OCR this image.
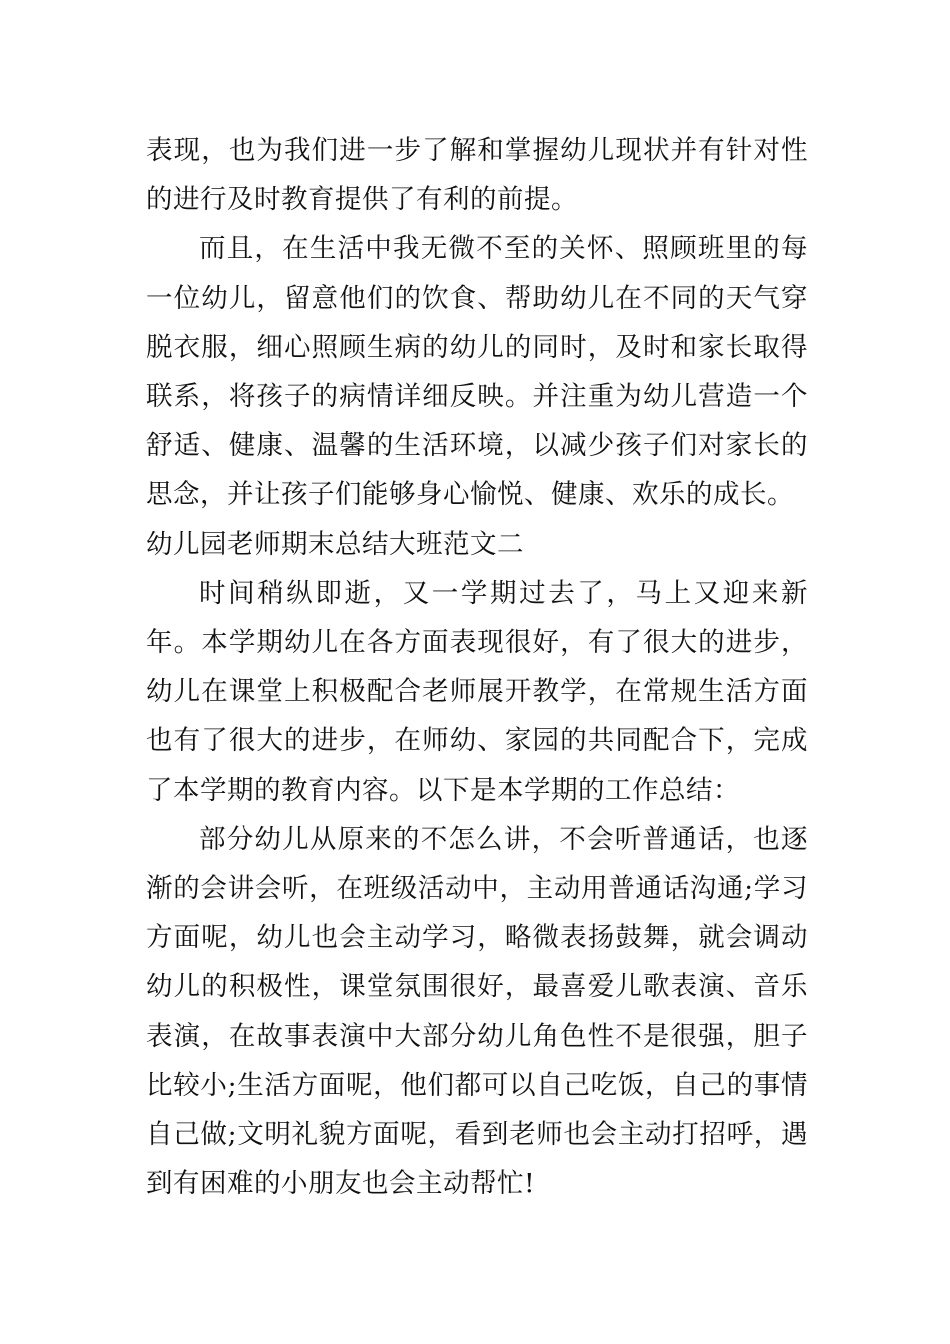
表现，也为我们进一步了解和掌握幼儿现状并有针对性的进行及时教育提供了有利的前提。

而且，在生活中我无微不至的关怀、照顾班里的每一位幼儿，留意他们的饮食、帮助幼儿在不同的天气穿脱衣服，细心照顾生病的幼儿的同时，及时和家长取得联系，将孩子的病情详细反映。并注重为幼儿营造一个舒适、健康、温馨的生活环境，以减少孩子们对家长的思念，并让孩子们能够身心愉悦、健康、欢乐的成长。

幼儿园老师期末总结大班范文二

时间稍纵即逝，又一学期过去了，马上又迎来新年。本学期幼儿在各方面表现很好，有了很大的进步，幼儿在课堂上积极配合老师展开教学，在常规生活方面也有了很大的进步，在师幼、家园的共同配合下，完成了本学期的教育内容。以下是本学期的工作总结：

部分幼儿从原来的不怎么讲，不会听普通话，也逐渐的会讲会听，在班级活动中，主动用普通话沟通;学习方面呢，幼儿也会主动学习，略微表扬鼓舞，就会调动幼儿的积极性，课堂氛围很好，最喜爱儿歌表演、音乐表演，在故事表演中大部分幼儿角色性不是很强，胆子比较小;生活方面呢，他们都可以自己吃饭，自己的事情自己做;文明礼貌方面呢，看到老师也会主动打招呼，遇到有困难的小朋友也会主动帮忙!
